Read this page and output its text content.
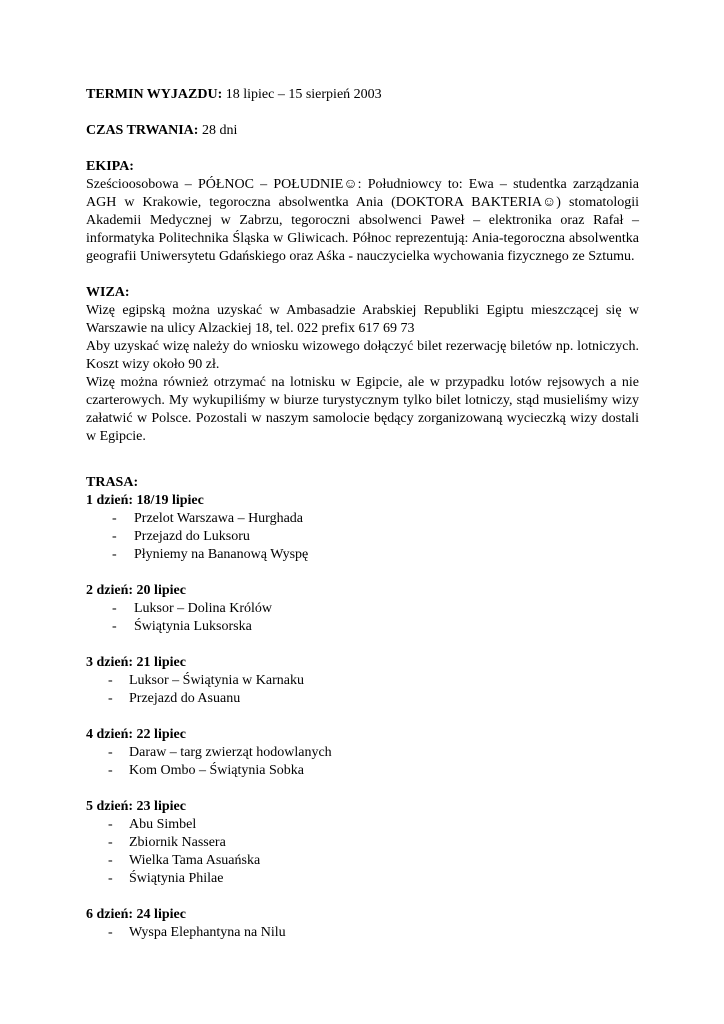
TERMIN WYJAZDU: 18 lipiec – 15 sierpień 2003
CZAS TRWANIA: 28 dni
EKIPA:

Sześcioosobowa – PÓŁNOC – POŁUDNIE☺: Południowcy to: Ewa – studentka zarządzania AGH w Krakowie, tegoroczna absolwentka Ania (DOKTORA BAKTERIA☺) stomatologii Akademii Medycznej w Zabrzu, tegoroczni absolwenci Paweł – elektronika oraz Rafał – informatyka Politechnika Śląska w Gliwicach. Północ reprezentują: Ania-tegoroczna absolwentka geografii Uniwersytetu Gdańskiego oraz Aśka - nauczycielka wychowania fizycznego ze Sztumu.

WIZA:

Wizę egipską można uzyskać w Ambasadzie Arabskiej Republiki Egiptu mieszczącej się w Warszawie na ulicy Alzackiej 18, tel. 022 prefix 617 69 73

Aby uzyskać wizę należy do wniosku wizowego dołączyć bilet rezerwację biletów np. lotniczych. Koszt wizy około 90 zł.

Wizę można również otrzymać na lotnisku w Egipcie, ale w przypadku lotów rejsowych a nie czarterowych. My wykupiliśmy w biurze turystycznym tylko bilet lotniczy, stąd musieliśmy wizy załatwić w Polsce. Pozostali w naszym samolocie będący zorganizowaną wycieczką wizy dostali w Egipcie.

TRASA:
1 dzień: 18/19 lipiec
- Przelot Warszawa – Hurghada
- Przejazd do Luksoru
- Płyniemy na Bananową Wyspę
2 dzień: 20 lipiec
- Luksor – Dolina Królów
- Świątynia Luksorska
3 dzień: 21 lipiec
- Luksor – Świątynia w Karnaku
- Przejazd do Asuanu
4 dzień: 22 lipiec
- Daraw – targ zwierząt hodowlanych
- Kom Ombo – Świątynia Sobka
5 dzień: 23 lipiec
- Abu Simbel
- Zbiornik Nassera
- Wielka Tama Asuańska
- Świątynia Philae
6 dzień: 24 lipiec
- Wyspa Elephantyna na Nilu
